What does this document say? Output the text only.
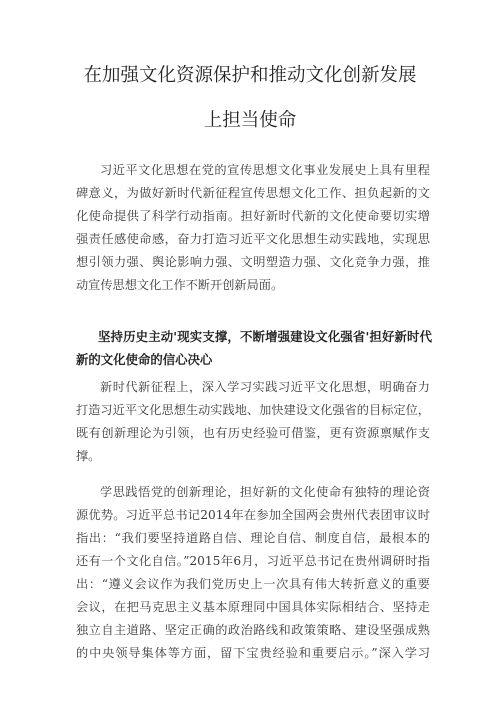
在加强文化资源保护和推动文化创新发展
上担当使命
习近平文化思想在党的宣传思想文化事业发展史上具有里程
碑意义，为做好新时代新征程宣传思想文化工作、担负起新的文
化使命提供了科学行动指南。担好新时代新的文化使命要切实增
强责任感使命感，奋力打造习近平文化思想生动实践地，实现思
想引领力强、舆论影响力强、文明塑造力强、文化竞争力强，推
动宣传思想文化工作不断开创新局面。
坚持历史主动'现实支撑，不断增强建设文化强省'担好新时代
新的文化使命的信心决心
新时代新征程上，深入学习实践习近平文化思想，明确奋力
打造习近平文化思想生动实践地、加快建设文化强省的目标定位，
既有创新理论为引领，也有历史经验可借鉴，更有资源禀赋作支
撑。
学思践悟党的创新理论，担好新的文化使命有独特的理论资
源优势。习近平总书记2014年在参加全国两会贵州代表团审议时
指出：“我们要坚持道路自信、理论自信、制度自信，最根本的
还有一个文化自信。”2015年6月，习近平总书记在贵州调研时指
出：“遵义会议作为我们党历史上一次具有伟大转折意义的重要
会议，在把马克思主义基本原理同中国具体实际相结合、坚持走
独立自主道路、坚定正确的政治路线和政策策略、建设坚强成熟
的中央领导集体等方面，留下宝贵经验和重要启示。”深入学习
